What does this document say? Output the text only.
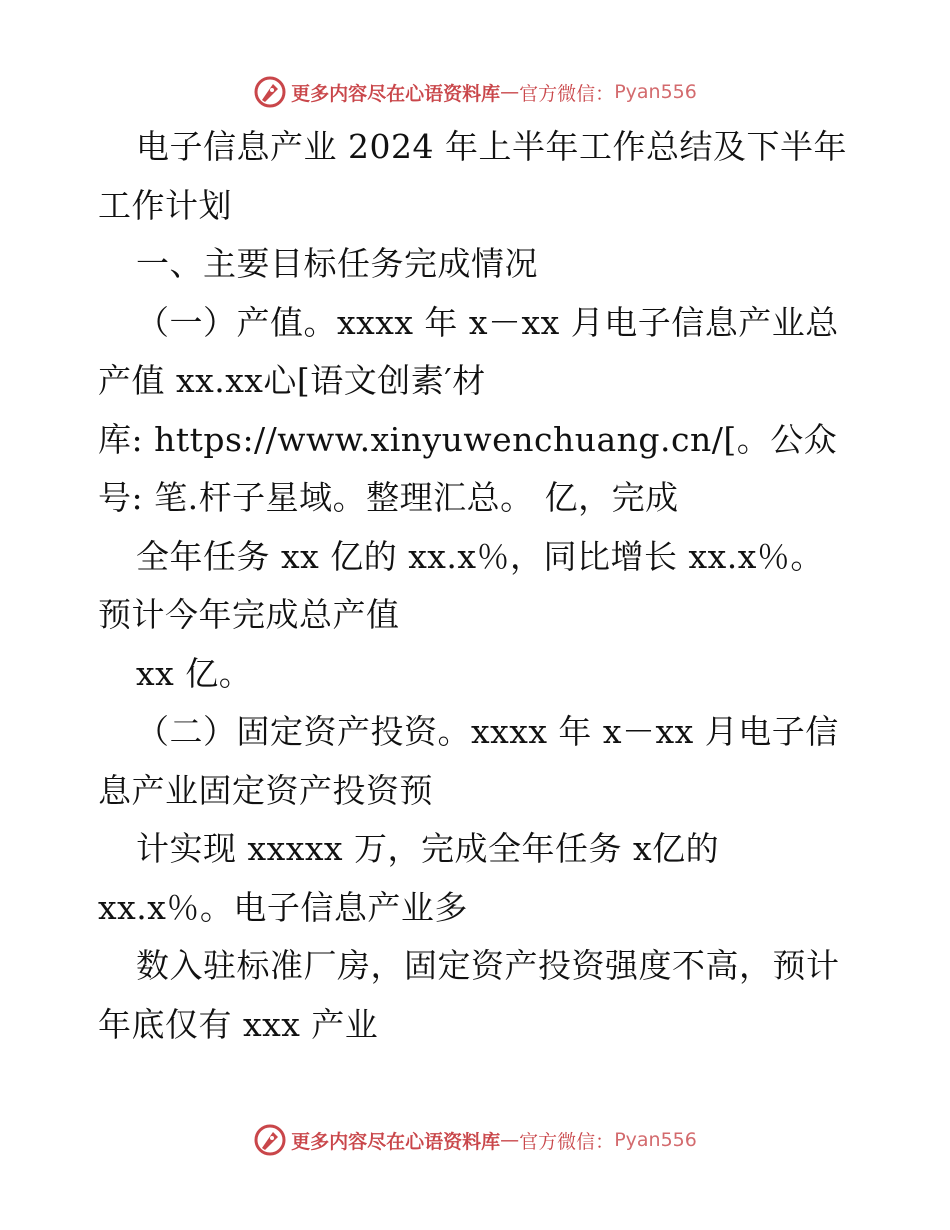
更多内容尽在心语资料库 — 官方微信： Pyan556
电子信息产业 2024 年上半年工作总结及下半年
工作计划
一、主要目标任务完成情况
（一）产值。xxxx 年 x－xx 月电子信息产业总
产值 xx.xx心[语文创素′材
库: https://www.xinyuwenchuang.cn/[。公众
号: 笔.杆子星域。整理汇总。 亿，完成
全年任务 xx 亿的 xx.x％，同比增长 xx.x％。
预计今年完成总产值
xx 亿。
（二）固定资产投资。xxxx 年 x－xx 月电子信
息产业固定资产投资预
计实现 xxxxx 万，完成全年任务 x亿的
xx.x％。电子信息产业多
数入驻标准厂房，固定资产投资强度不高，预计
年底仅有 xxx 产业
更多内容尽在心语资料库 — 官方微信： Pyan556
